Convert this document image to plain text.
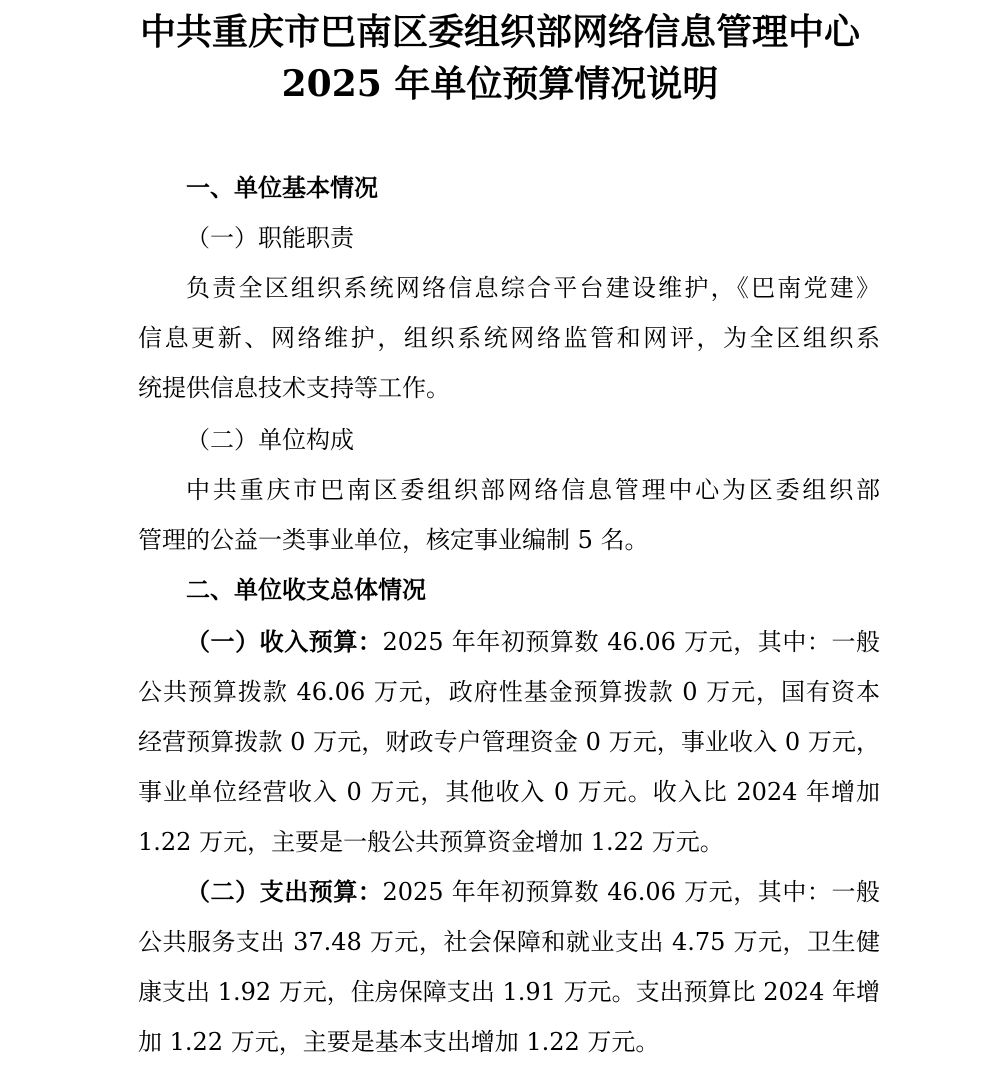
中共重庆市巴南区委组织部网络信息管理中心
2025 年单位预算情况说明
一、单位基本情况
（一）职能职责
负责全区组织系统网络信息综合平台建设维护，《巴南党建》
信息更新、网络维护，组织系统网络监管和网评，为全区组织系
统提供信息技术支持等工作。
（二）单位构成
中共重庆市巴南区委组织部网络信息管理中心为区委组织部
管理的公益一类事业单位，核定事业编制 5 名。
二、单位收支总体情况
（一）收入预算：2025 年年初预算数 46.06 万元，其中：一般
公共预算拨款 46.06 万元，政府性基金预算拨款 0 万元，国有资本
经营预算拨款 0 万元，财政专户管理资金 0 万元，事业收入 0 万元，
事业单位经营收入 0 万元，其他收入 0 万元。收入比 2024 年增加
1.22 万元，主要是一般公共预算资金增加 1.22 万元。
（二）支出预算：2025 年年初预算数 46.06 万元，其中：一般
公共服务支出 37.48 万元，社会保障和就业支出 4.75 万元，卫生健
康支出 1.92 万元，住房保障支出 1.91 万元。支出预算比 2024 年增
加 1.22 万元，主要是基本支出增加 1.22 万元。
